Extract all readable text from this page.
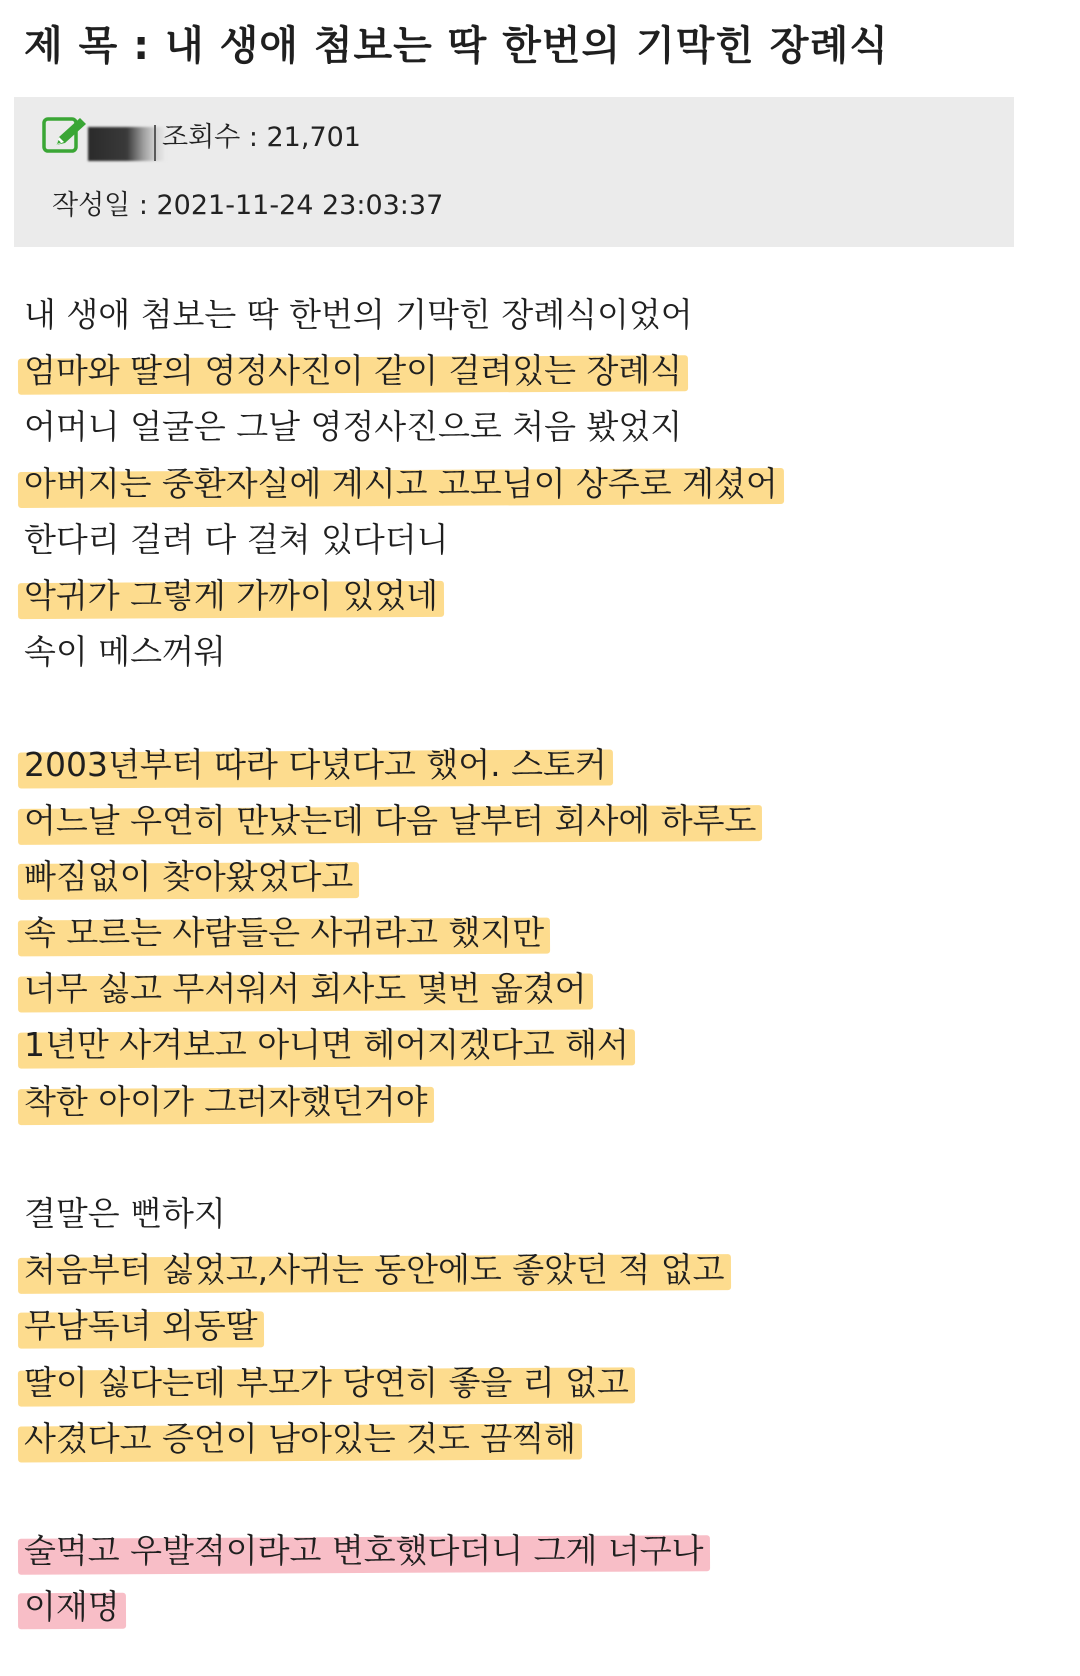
제 목 : 내 생애 첨보는 딱 한번의 기막힌 장례식
조회수 : 21,701
작성일 : 2021-11-24 23:03:37
내 생애 첨보는 딱 한번의 기막힌 장례식이었어
엄마와 딸의 영정사진이 같이 걸려있는 장례식
어머니 얼굴은 그날 영정사진으로 처음 봤었지
아버지는 중환자실에 계시고 고모님이 상주로 계셨어
한다리 걸려 다 걸쳐 있다더니
악귀가 그렇게 가까이 있었네
속이 메스꺼워
2003년부터 따라 다녔다고 했어. 스토커
어느날 우연히 만났는데 다음 날부터 회사에 하루도
빠짐없이 찾아왔었다고
속 모르는 사람들은 사귀라고 했지만
너무 싫고 무서워서 회사도 몇번 옮겼어
1년만 사겨보고 아니면 헤어지겠다고 해서
착한 아이가 그러자했던거야
결말은 뻔하지
처음부터 싫었고,사귀는 동안에도 좋았던 적 없고
무남독녀 외동딸
딸이 싫다는데 부모가 당연히 좋을 리 없고
사겼다고 증언이 남아있는 것도 끔찍해
술먹고 우발적이라고 변호했다더니 그게 너구나
이재명
